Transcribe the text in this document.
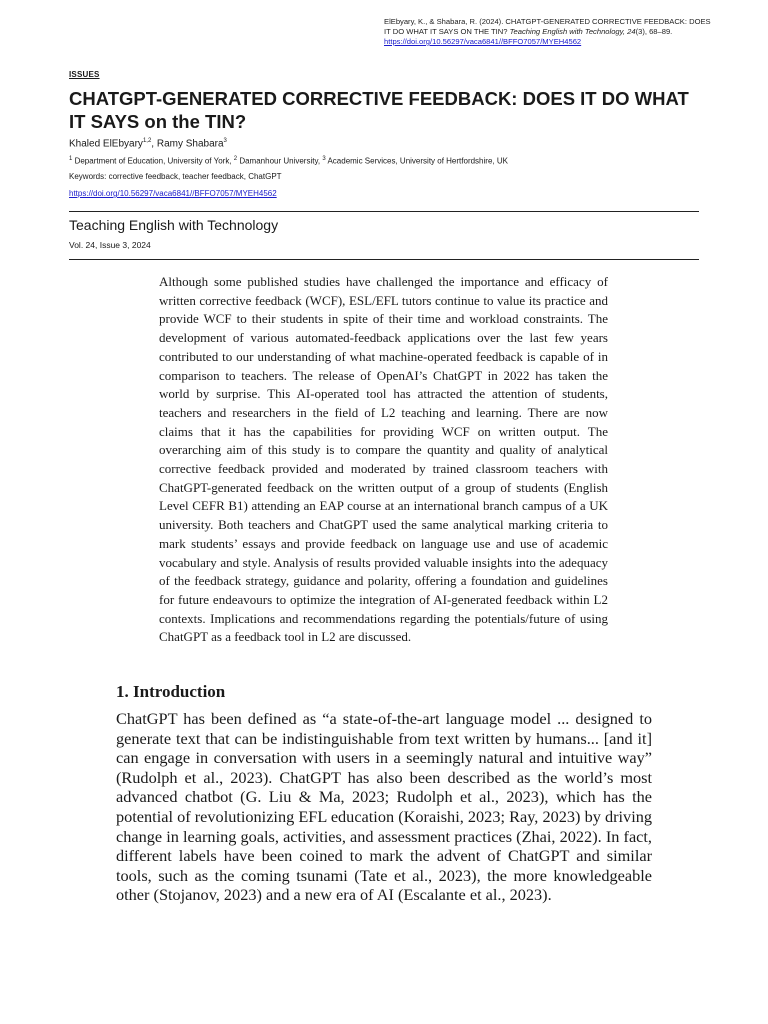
ElEbyary, K., & Shabara, R. (2024). CHATGPT-GENERATED CORRECTIVE FEEDBACK: DOES IT DO WHAT IT SAYS ON THE TIN? Teaching English with Technology, 24(3), 68–89.
https://doi.org/10.56297/vaca6841//BFFO7057/MYEH4562
ISSUES
CHATGPT-GENERATED CORRECTIVE FEEDBACK: DOES IT DO WHAT IT SAYS on the TIN?
Khaled ElEbyary$^{1,2}$, Ramy Shabara$^3$
$^1$ Department of Education, University of York, $^2$ Damanhour University, $^3$ Academic Services, University of Hertfordshire, UK
Keywords: corrective feedback, teacher feedback, ChatGPT
https://doi.org/10.56297/vaca6841//BFFO7057/MYEH4562
Teaching English with Technology
Vol. 24, Issue 3, 2024

Although some published studies have challenged the importance and efficacy of written corrective feedback (WCF), ESL/EFL tutors continue to value its practice and provide WCF to their students in spite of their time and workload constraints. The development of various automated-feedback applications over the last few years contributed to our understanding of what machine-operated feedback is capable of in comparison to teachers. The release of OpenAI’s ChatGPT in 2022 has taken the world by surprise. This AI-operated tool has attracted the attention of students, teachers and researchers in the field of L2 teaching and learning. There are now claims that it has the capabilities for providing WCF on written output. The overarching aim of this study is to compare the quantity and quality of analytical corrective feedback provided and moderated by trained classroom teachers with ChatGPT-generated feedback on the written output of a group of students (English Level CEFR B1) attending an EAP course at an international branch campus of a UK university. Both teachers and ChatGPT used the same analytical marking criteria to mark students’ essays and provide feedback on language use and use of academic vocabulary and style. Analysis of results provided valuable insights into the adequacy of the feedback strategy, guidance and polarity, offering a foundation and guidelines for future endeavours to optimize the integration of AI-generated feedback within L2 contexts. Implications and recommendations regarding the potentials/future of using ChatGPT as a feedback tool in L2 are discussed.

1. Introduction

ChatGPT has been defined as “a state-of-the-art language model ... designed to generate text that can be indistinguishable from text written by humans... [and it] can engage in conversation with users in a seemingly natural and intuitive way” (Rudolph et al., 2023). ChatGPT has also been described as the world’s most advanced chatbot (G. Liu & Ma, 2023; Rudolph et al., 2023), which has the potential of revolutionizing EFL education (Koraishi, 2023; Ray, 2023) by driving change in learning goals, activities, and assessment practices (Zhai, 2022). In fact, different labels have been coined to mark the advent of ChatGPT and similar tools, such as the coming tsunami (Tate et al., 2023), the more knowledgeable other (Stojanov, 2023) and a new era of AI (Escalante et al., 2023).
